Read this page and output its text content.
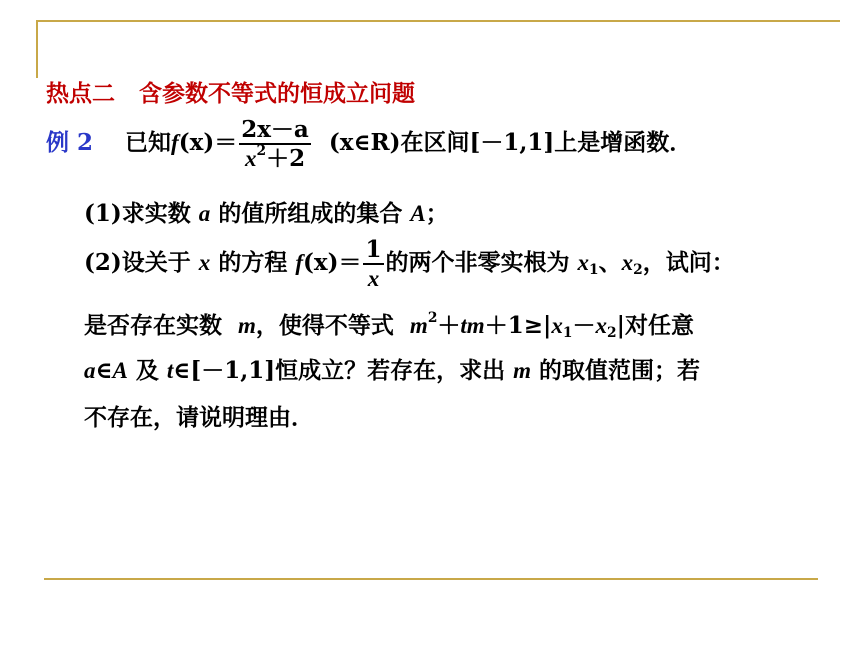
热点二 含参数不等式的恒成立问题
例 2 已知$f(x)= \frac{2x-a}{x^2+2}$ (x∈R)在区间[－1,1]上是增函数．
(1)求实数 a 的值所组成的集合 A；
(2)设关于 x 的方程 $f(x)= \frac{1}{x}$ 的两个非零实根为 $x_1$、$x_2$，试问：
是否存在实数 m，使得不等式 $m^2+tm+1\ge|x_1-x_2|$对任意
a∈A 及 t∈[－1,1]恒成立？若存在，求出 m 的取值范围；若
不存在，请说明理由．
